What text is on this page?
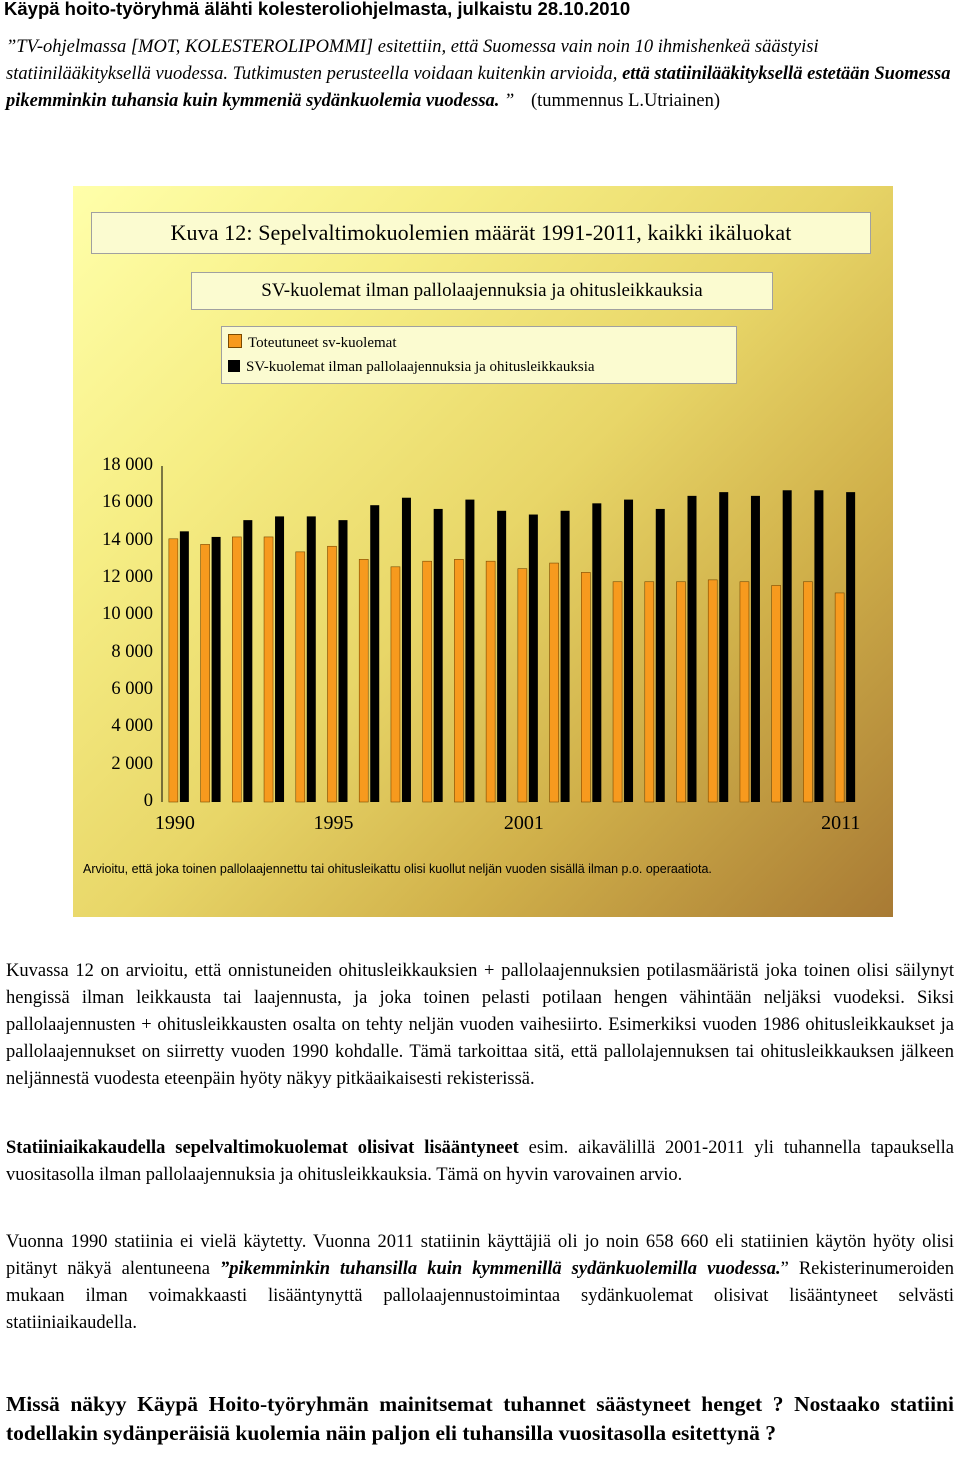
Käypä hoito-työryhmä älähti kolesteroliohjelmasta, julkaistu 28.10.2010
”TV-ohjelmassa [MOT, KOLESTEROLIPOMMI] esitettiin, että Suomessa vain noin 10 ihmishenkeä säästyisi statiinilääkityksellä vuodessa. Tutkimusten perusteella voidaan kuitenkin arvioida, että statiinilääkityksellä estetään Suomessa pikemminkin tuhansia kuin kymmeniä sydänkuolemia vuodessa. ” (tummennus L.Utriainen)
Kuva 12: Sepelvaltimokuolemien määrät 1991-2011, kaikki ikäluokat
SV-kuolemat ilman pallolaajennuksia ja ohitusleikkauksia
Toteutuneet sv-kuolemat
SV-kuolemat ilman pallolaajennuksia ja ohitusleikkauksia
18 000
16 000
14 000
12 000
10 000
8 000
6 000
4 000
2 000
0
1990	1995	2001	2011
Arvioitu, että joka toinen pallolaajennettu tai ohitusleikattu olisi kuollut neljän vuoden sisällä ilman p.o. operaatiota.
Kuvassa 12 on arvioitu, että onnistuneiden ohitusleikkauksien + pallolaajennuksien potilasmääristä joka toinen olisi säilynyt hengissä ilman leikkausta tai laajennusta, ja joka toinen pelasti potilaan hengen vähintään neljäksi vuodeksi. Siksi pallolaajennusten + ohitusleikkausten osalta on tehty neljän vuoden vaihesiirto. Esimerkiksi vuoden 1986 ohitusleikkaukset ja pallolaajennukset on siirretty vuoden 1990 kohdalle. Tämä tarkoittaa sitä, että pallolajennuksen tai ohitusleikkauksen jälkeen neljännestä vuodesta eteenpäin hyöty näkyy pitkäaikaisesti rekisterissä.
Statiiniaikakaudella sepelvaltimokuolemat olisivat lisääntyneet esim. aikavälillä 2001-2011 yli tuhannella tapauksella vuositasolla ilman pallolaajennuksia ja ohitusleikkauksia. Tämä on hyvin varovainen arvio.
Vuonna 1990 statiinia ei vielä käytetty. Vuonna 2011 statiinin käyttäjiä oli jo noin 658 660 eli statiinien käytön hyöty olisi pitänyt näkyä alentuneena ”pikemminkin tuhansilla kuin kymmenillä sydänkuolemilla vuodessa.” Rekisterinumeroiden mukaan ilman voimakkaasti lisääntynyttä pallolaajennustoimintaa sydänkuolemat olisivat lisääntyneet selvästi statiiniaikaudella.
Missä näkyy Käypä Hoito-työryhmän mainitsemat tuhannet säästyneet henget ? Nostaako statiini todellakin sydänperäisiä kuolemia näin paljon eli tuhansilla vuositasolla esitettynä ?
